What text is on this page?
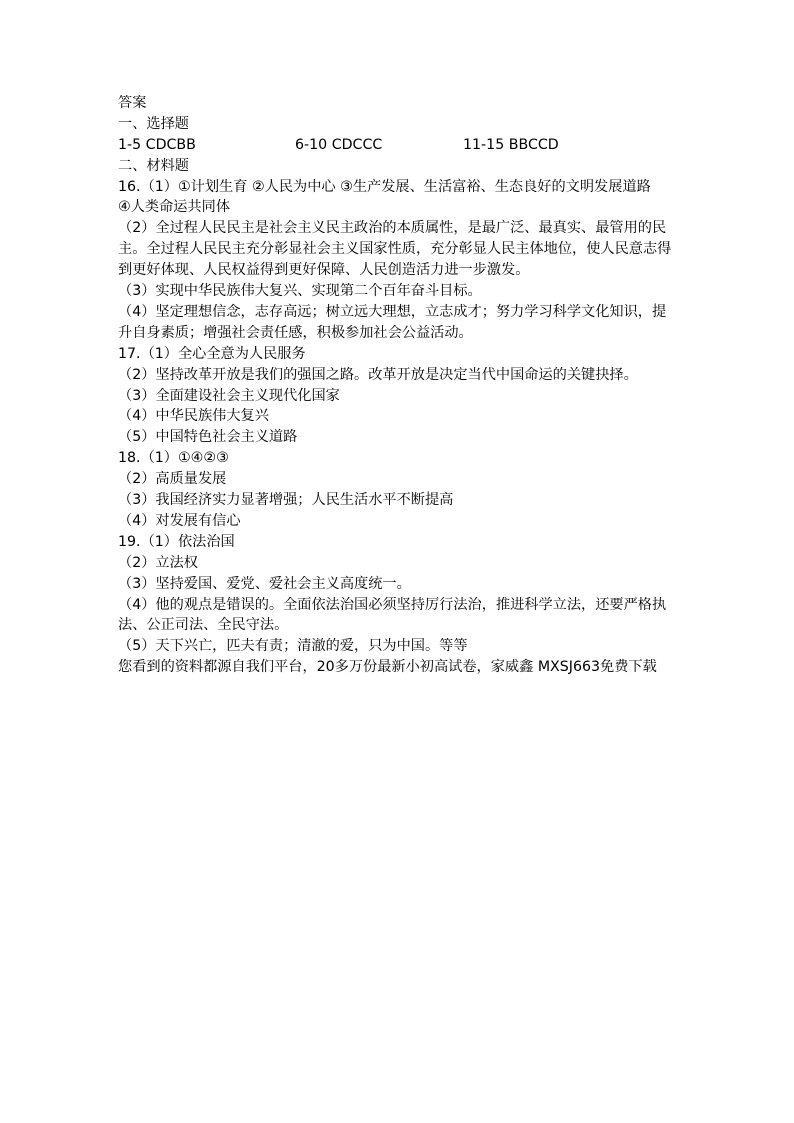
答案
一、选择题
1-5 CDCBB	6-10 CDCCC	11-15 BBCCD
二、材料题
16.（1）①计划生育 ②人民为中心 ③生产发展、生活富裕、生态良好的文明发展道路
④人类命运共同体
（2）全过程人民民主是社会主义民主政治的本质属性，是最广泛、最真实、最管用的民主。全过程人民民主充分彰显社会主义国家性质，充分彰显人民主体地位，使人民意志得到更好体现、人民权益得到更好保障、人民创造活力进一步激发。
（3）实现中华民族伟大复兴、实现第二个百年奋斗目标。
（4）坚定理想信念，志存高远；树立远大理想，立志成才；努力学习科学文化知识，提升自身素质；增强社会责任感，积极参加社会公益活动。
17.（1）全心全意为人民服务
（2）坚持改革开放是我们的强国之路。改革开放是决定当代中国命运的关键抉择。
（3）全面建设社会主义现代化国家
（4）中华民族伟大复兴
（5）中国特色社会主义道路
18.（1）①④②③
（2）高质量发展
（3）我国经济实力显著增强；人民生活水平不断提高
（4）对发展有信心
19.（1）依法治国
（2）立法权
（3）坚持爱国、爱党、爱社会主义高度统一。
（4）他的观点是错误的。全面依法治国必须坚持厉行法治，推进科学立法，还要严格执法、公正司法、全民守法。
（5）天下兴亡，匹夫有责；清澈的爱，只为中国。等等
您看到的资料都源自我们平台，20多万份最新小初高试卷，家威鑫 MXSJ663免费下载
